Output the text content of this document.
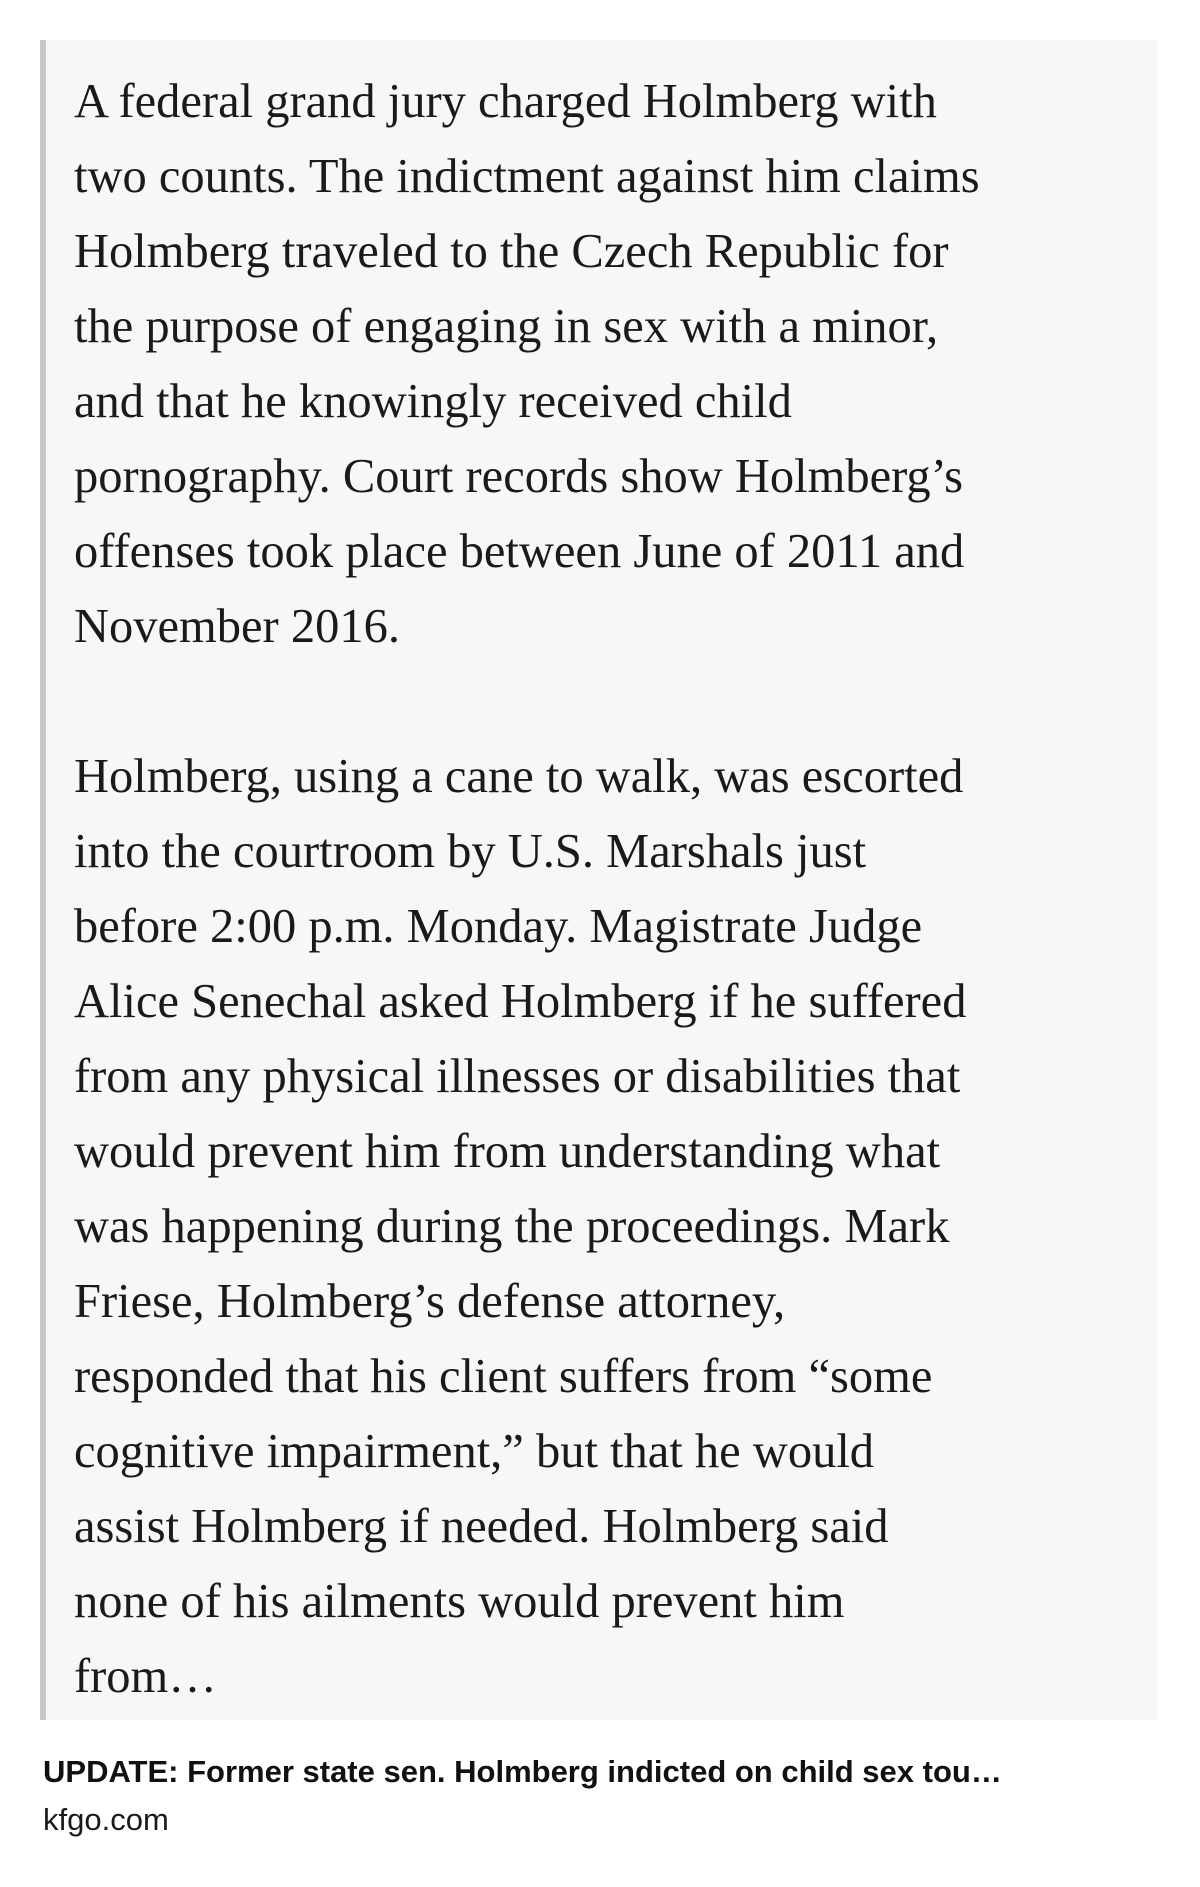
A federal grand jury charged Holmberg with
two counts. The indictment against him claims
Holmberg traveled to the Czech Republic for
the purpose of engaging in sex with a minor,
and that he knowingly received child
pornography. Court records show Holmberg’s
offenses took place between June of 2011 and
November 2016.

Holmberg, using a cane to walk, was escorted
into the courtroom by U.S. Marshals just
before 2:00 p.m. Monday. Magistrate Judge
Alice Senechal asked Holmberg if he suffered
from any physical illnesses or disabilities that
would prevent him from understanding what
was happening during the proceedings. Mark
Friese, Holmberg’s defense attorney,
responded that his client suffers from “some
cognitive impairment,” but that he would
assist Holmberg if needed. Holmberg said
none of his ailments would prevent him
from…

UPDATE: Former state sen. Holmberg indicted on child sex tou…
kfgo.com
